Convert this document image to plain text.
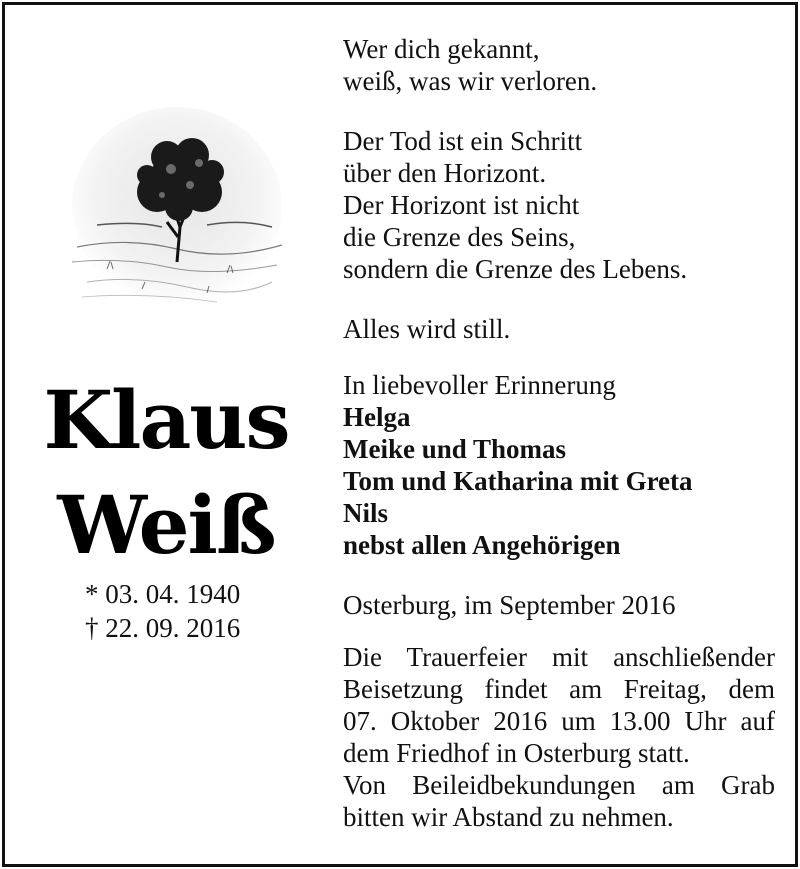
Klaus
Weiß
* 03. 04. 1940
† 22. 09. 2016
Wer dich gekannt,
weiß, was wir verloren.
Der Tod ist ein Schritt
über den Horizont.
Der Horizont ist nicht
die Grenze des Seins,
sondern die Grenze des Lebens.
Alles wird still.
In liebevoller Erinnerung
Helga
Meike und Thomas
Tom und Katharina mit Greta
Nils
nebst allen Angehörigen
Osterburg, im September 2016
Die Trauerfeier mit anschließender
Beisetzung findet am Freitag, dem
07. Oktober 2016 um 13.00 Uhr auf
dem Friedhof in Osterburg statt.
Von Beileidbekundungen am Grab
bitten wir Abstand zu nehmen.
